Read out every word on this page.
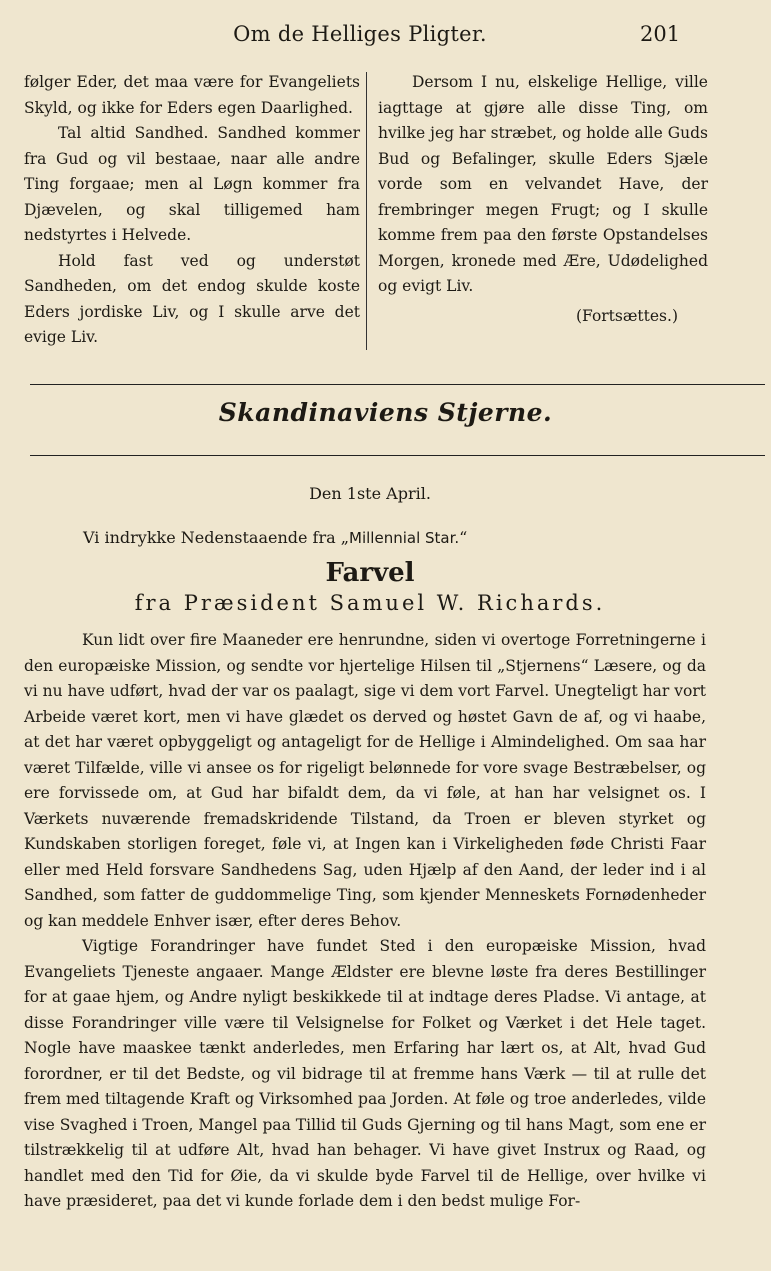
Om de Helliges Pligter.	201

følger Eder, det maa være for Evangeliets Skyld, og ikke for Eders egen Daarlighed.

Tal altid Sandhed. Sandhed kommer fra Gud og vil bestaae, naar alle andre Ting forgaae; men al Løgn kommer fra Djævelen, og skal tilligemed ham nedstyrtes i Helvede.

Hold fast ved og understøt Sandheden, om det endog skulde koste Eders jordiske Liv, og I skulle arve det evige Liv.

Dersom I nu, elskelige Hellige, ville iagttage at gjøre alle disse Ting, om hvilke jeg har stræbet, og holde alle Guds Bud og Befalinger, skulle Eders Sjæle vorde som en velvandet Have, der frembringer megen Frugt; og I skulle komme frem paa den første Opstandelses Morgen, kronede med Ære, Udødelighed og evigt Liv.

(Fortsættes.)

Skandinaviens Stjerne.
Den 1ste April.
Vi indrykke Nedenstaaende fra „Millennial Star.“
Farvel
fra Præsident Samuel W. Richards.

Kun lidt over fire Maaneder ere henrundne, siden vi overtoge Forretningerne i den europæiske Mission, og sendte vor hjertelige Hilsen til „Stjernens“ Læsere, og da vi nu have udført, hvad der var os paalagt, sige vi dem vort Farvel. Unegteligt har vort Arbeide været kort, men vi have glædet os derved og høstet Gavn de af, og vi haabe, at det har været opbyggeligt og antageligt for de Hellige i Almindelighed. Om saa har været Tilfælde, ville vi ansee os for rigeligt belønnede for vore svage Bestræbelser, og ere forvissede om, at Gud har bifaldt dem, da vi føle, at han har velsignet os. I Værkets nuværende fremadskridende Tilstand, da Troen er bleven styrket og Kundskaben storligen foreget, føle vi, at Ingen kan i Virkeligheden føde Christi Faar eller med Held forsvare Sandhedens Sag, uden Hjælp af den Aand, der leder ind i al Sandhed, som fatter de guddommelige Ting, som kjender Menneskets Fornødenheder og kan meddele Enhver især, efter deres Behov.

Vigtige Forandringer have fundet Sted i den europæiske Mission, hvad Evangeliets Tjeneste angaaer. Mange Ældster ere blevne løste fra deres Bestillinger for at gaae hjem, og Andre nyligt beskikkede til at indtage deres Pladse. Vi antage, at disse Forandringer ville være til Velsignelse for Folket og Værket i det Hele taget. Nogle have maaskee tænkt anderledes, men Erfaring har lært os, at Alt, hvad Gud forordner, er til det Bedste, og vil bidrage til at fremme hans Værk — til at rulle det frem med tiltagende Kraft og Virksomhed paa Jorden. At føle og troe anderledes, vilde vise Svaghed i Troen, Mangel paa Tillid til Guds Gjerning og til hans Magt, som ene er tilstrækkelig til at udføre Alt, hvad han behager. Vi have givet Instrux og Raad, og handlet med den Tid for Øie, da vi skulde byde Farvel til de Hellige, over hvilke vi have præsideret, paa det vi kunde forlade dem i den bedst mulige For-
